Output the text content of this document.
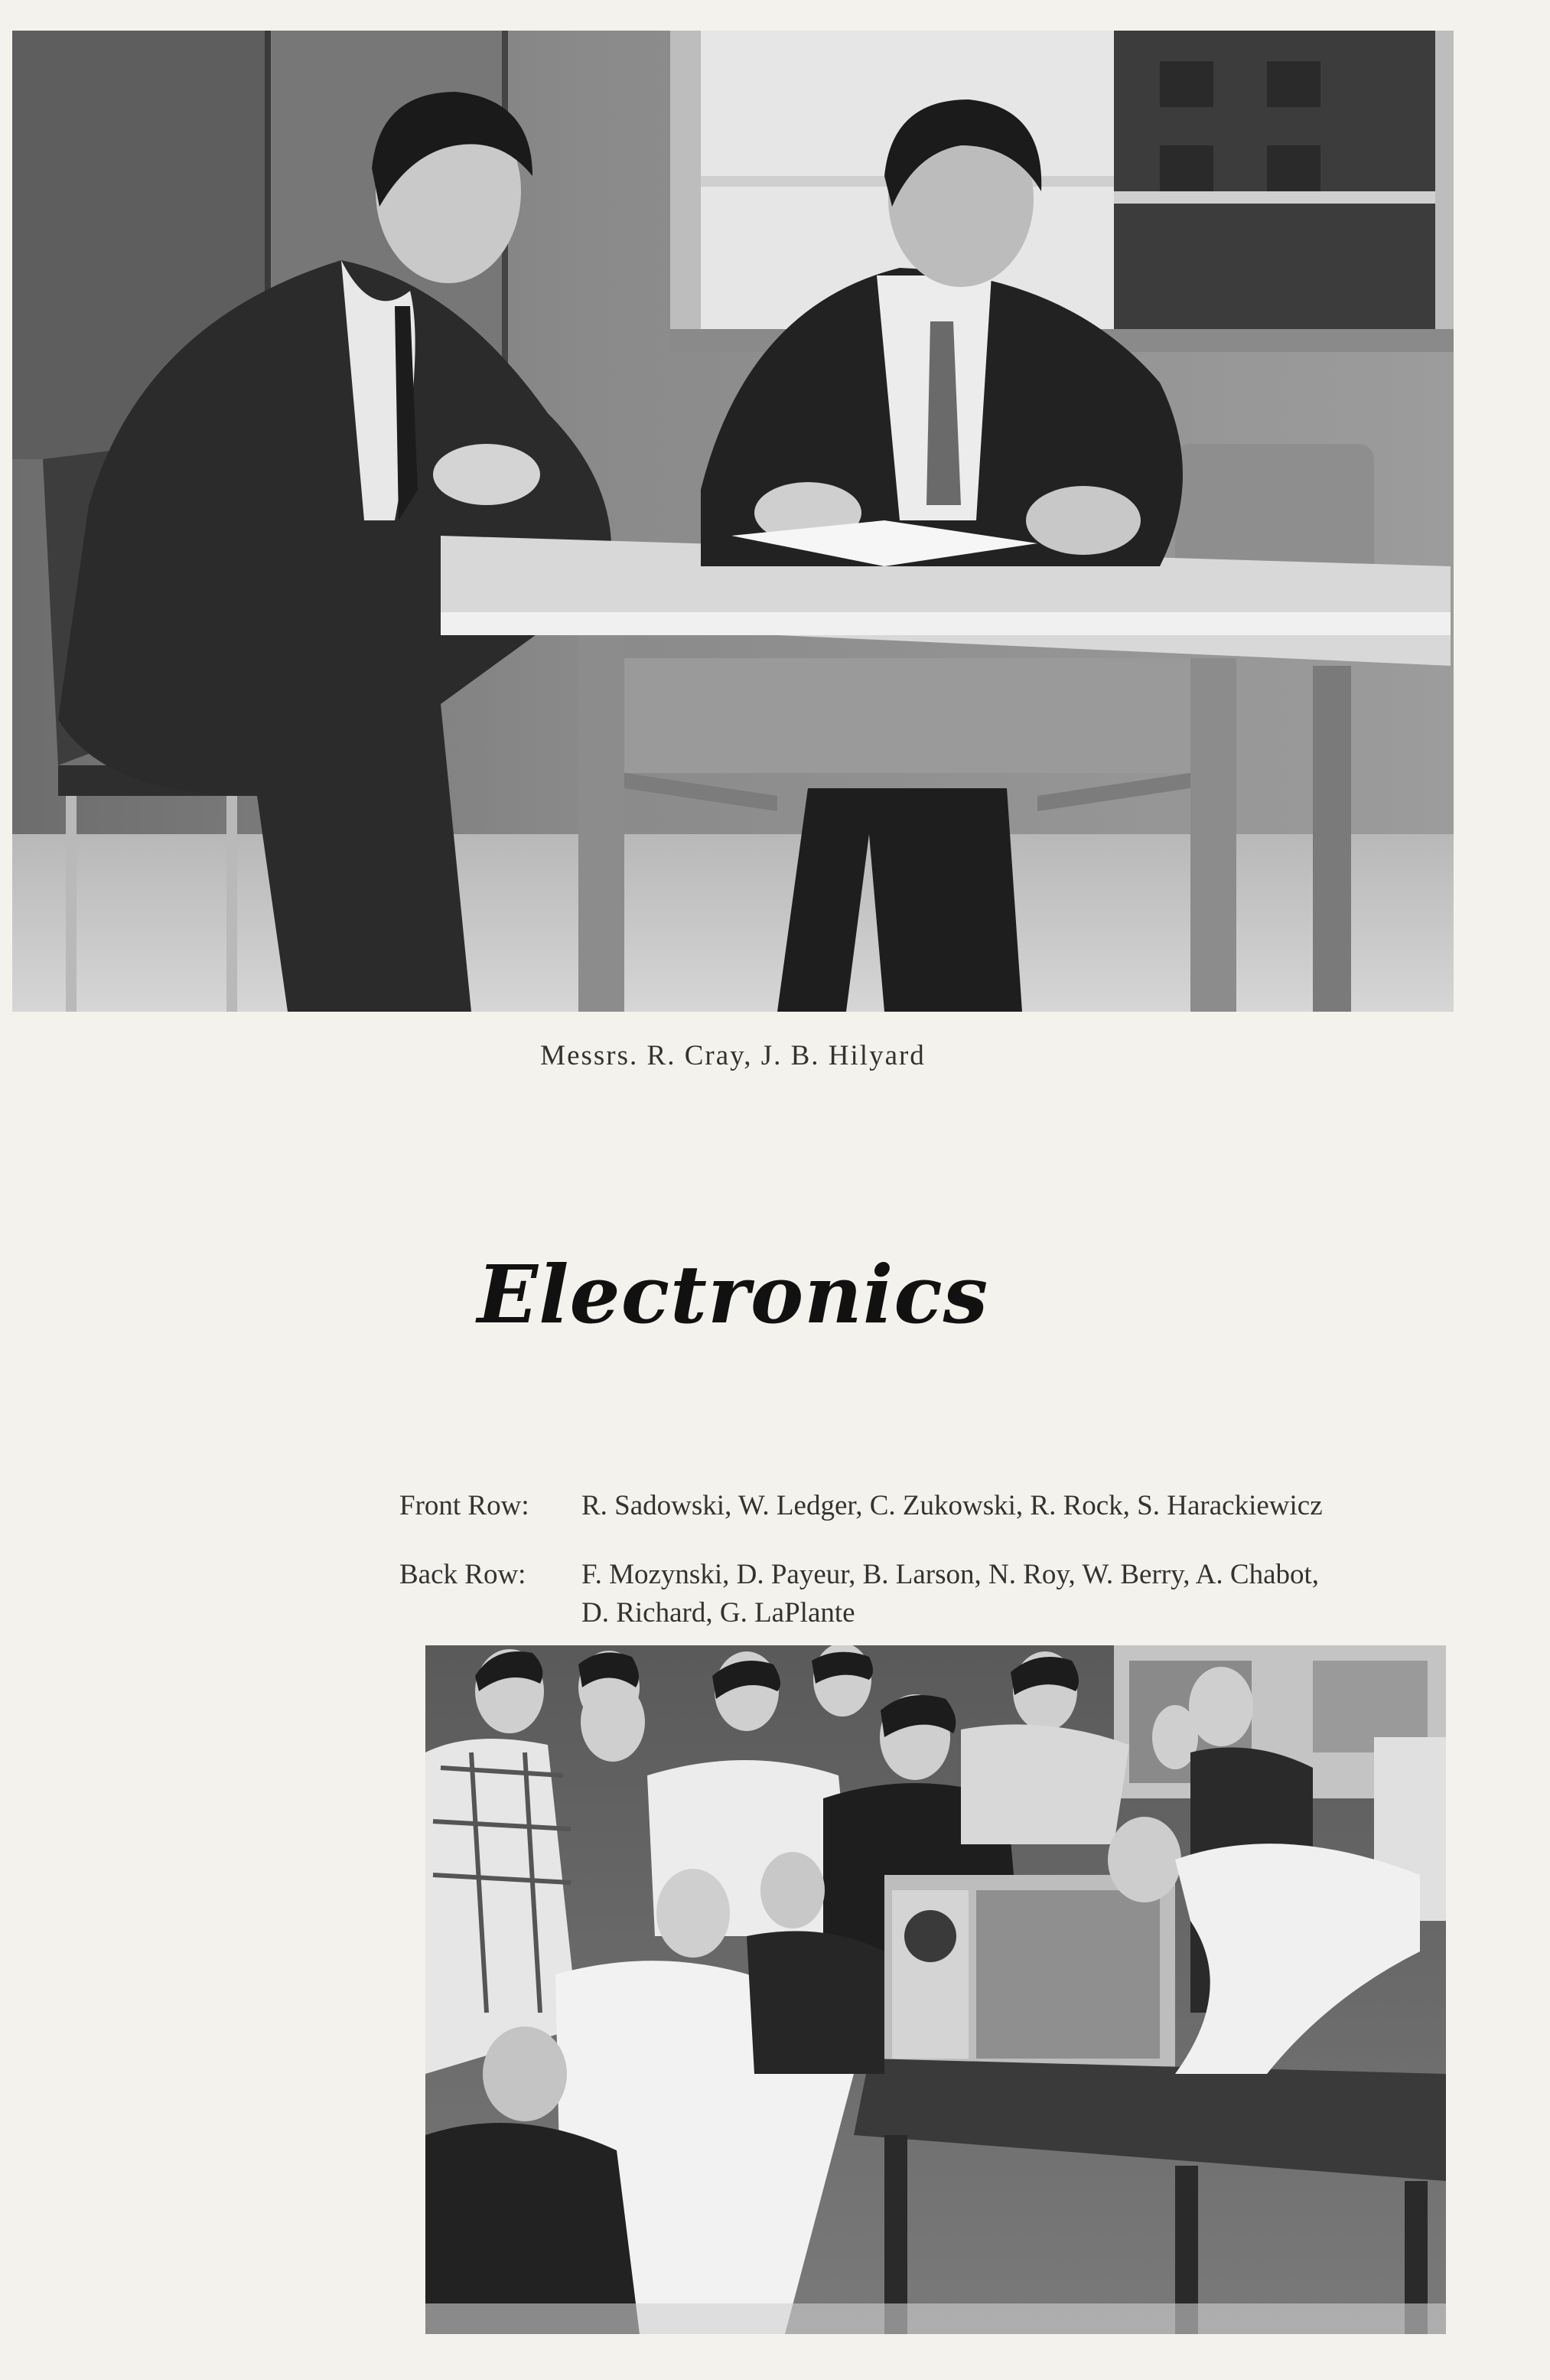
Messrs. R. Cray, J. B. Hilyard
Electronics
Front Row: R. Sadowski, W. Ledger, C. Zukowski, R. Rock, S. Harackiewicz
Back Row: F. Mozynski, D. Payeur, B. Larson, N. Roy, W. Berry, A. Chabot,
D. Richard, G. LaPlante
